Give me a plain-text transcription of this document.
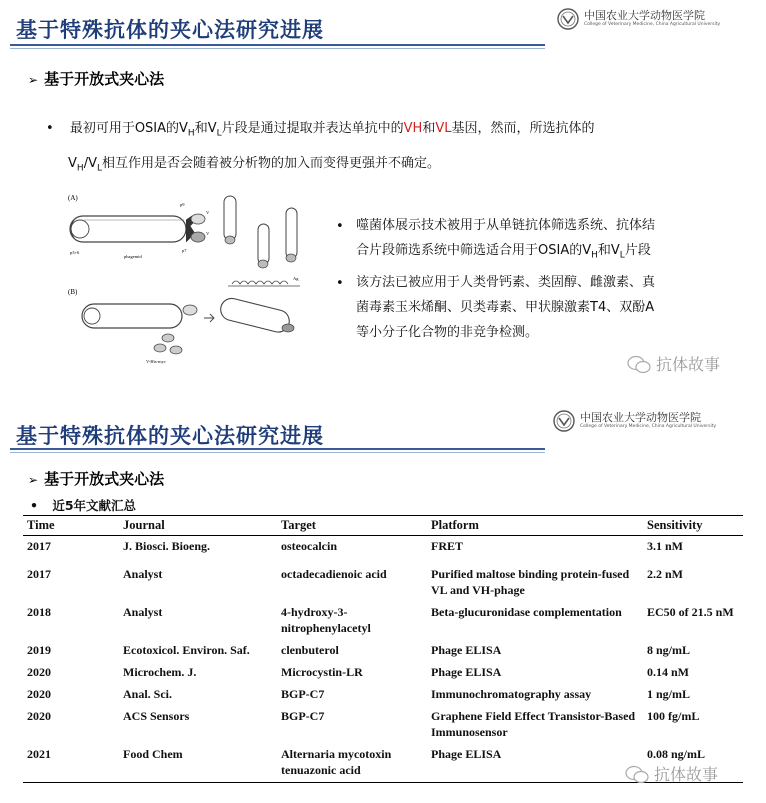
基于特殊抗体的夹心法研究进展
中国农业大学动物医学院
College of Veterinary Medicine, China Agricultural University
➢ 基于开放式夹心法
• 最初可用于OSIA的$V_H$和$V_L$片段是通过提取并表达单抗中的VH和VL基因，然而，所选抗体的
$V_H/V_L$相互作用是否会随着被分析物的加入而变得更强并不确定。
(A)
p3+6
phagemid
p7
p9
V
V
Ag
(B)
V-His-myc
• 噬菌体展示技术被用于从单链抗体筛选系统、抗体结
合片段筛选系统中筛选适合用于OSIA的$V_H$和$V_L$片段
• 该方法已被应用于人类骨钙素、类固醇、雌激素、真
菌毒素玉米烯酮、贝类毒素、甲状腺激素T4、双酚A
等小分子化合物的非竞争检测。
抗体故事
基于特殊抗体的夹心法研究进展
中国农业大学动物医学院
College of Veterinary Medicine, China Agricultural University
➢ 基于开放式夹心法
• 近5年文献汇总
Time	Journal	Target	Platform	Sensitivity
2017	J. Biosci. Bioeng.	osteocalcin	FRET	3.1 nM
2017	Analyst	octadecadienoic acid	Purified maltose binding protein-fused VL and VH-phage	2.2 nM
2018	Analyst	4-hydroxy-3-nitrophenylacetyl	Beta-glucuronidase complementation	EC50 of 21.5 nM
2019	Ecotoxicol. Environ. Saf.	clenbuterol	Phage ELISA	8 ng/mL
2020	Microchem. J.	Microcystin-LR	Phage ELISA	0.14 nM
2020	Anal. Sci.	BGP-C7	Immunochromatography assay	1 ng/mL
2020	ACS Sensors	BGP-C7	Graphene Field Effect Transistor-Based Immunosensor	100 fg/mL
2021	Food Chem	Alternaria mycotoxin tenuazonic acid	Phage ELISA	0.08 ng/mL
抗体故事
